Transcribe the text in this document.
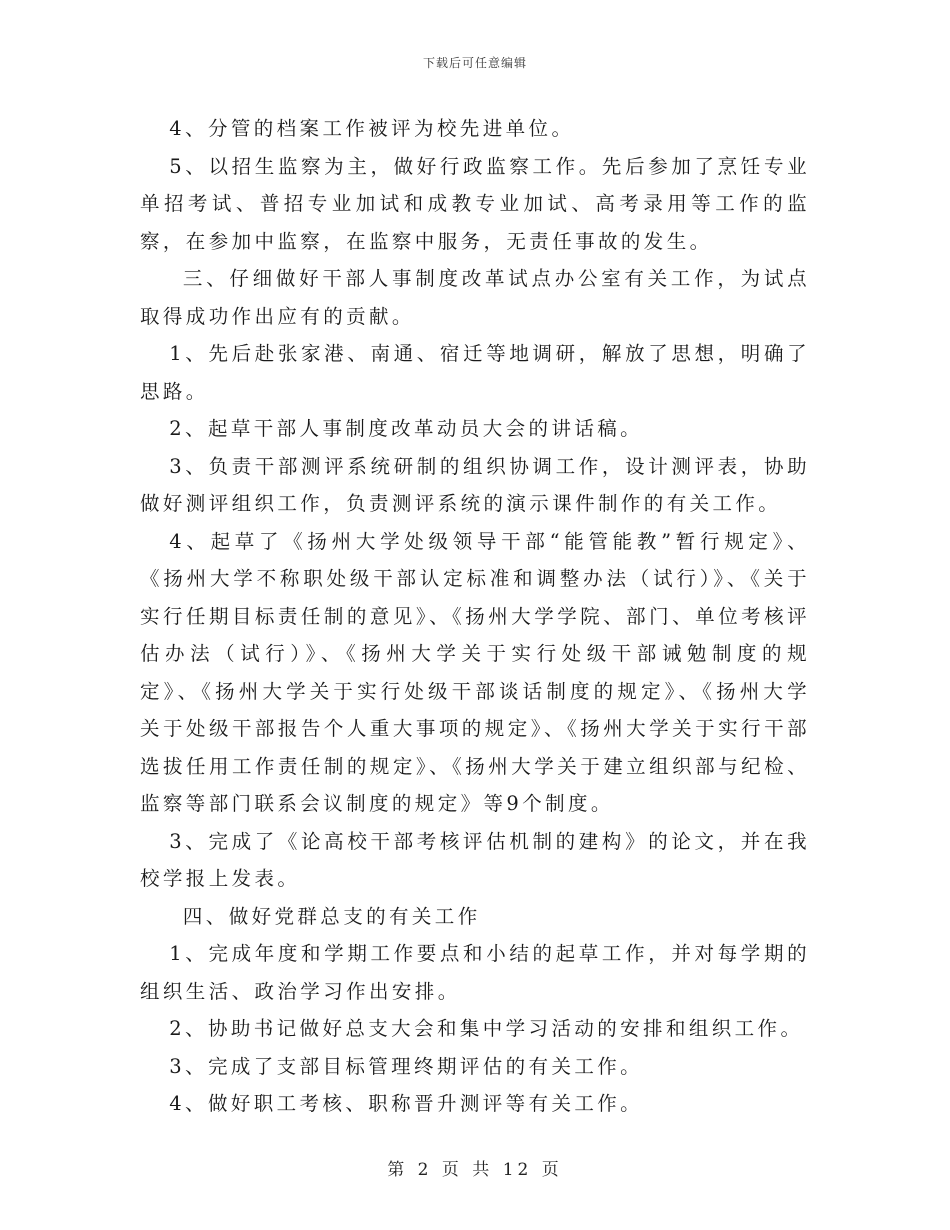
下载后可任意编辑

4、分管的档案工作被评为校先进单位。

5、以招生监察为主，做好行政监察工作。先后参加了烹饪专业单招考试、普招专业加试和成教专业加试、高考录用等工作的监察，在参加中监察，在监察中服务，无责任事故的发生。

三、仔细做好干部人事制度改革试点办公室有关工作，为试点取得成功作出应有的贡献。

1、先后赴张家港、南通、宿迁等地调研，解放了思想，明确了思路。

2、起草干部人事制度改革动员大会的讲话稿。

3、负责干部测评系统研制的组织协调工作，设计测评表，协助做好测评组织工作，负责测评系统的演示课件制作的有关工作。

4、起草了《扬州大学处级领导干部“能管能教”暂行规定》、《扬州大学不称职处级干部认定标准和调整办法（试行）》、《关于实行任期目标责任制的意见》、《扬州大学学院、部门、单位考核评估办法（试行）》、《扬州大学关于实行处级干部诫勉制度的规定》、《扬州大学关于实行处级干部谈话制度的规定》、《扬州大学关于处级干部报告个人重大事项的规定》、《扬州大学关于实行干部选拔任用工作责任制的规定》、《扬州大学关于建立组织部与纪检、监察等部门联系会议制度的规定》等9个制度。

3、完成了《论高校干部考核评估机制的建构》的论文，并在我校学报上发表。

四、做好党群总支的有关工作

1、完成年度和学期工作要点和小结的起草工作，并对每学期的组织生活、政治学习作出安排。

2、协助书记做好总支大会和集中学习活动的安排和组织工作。

3、完成了支部目标管理终期评估的有关工作。

4、做好职工考核、职称晋升测评等有关工作。

第 2 页 共 12 页
